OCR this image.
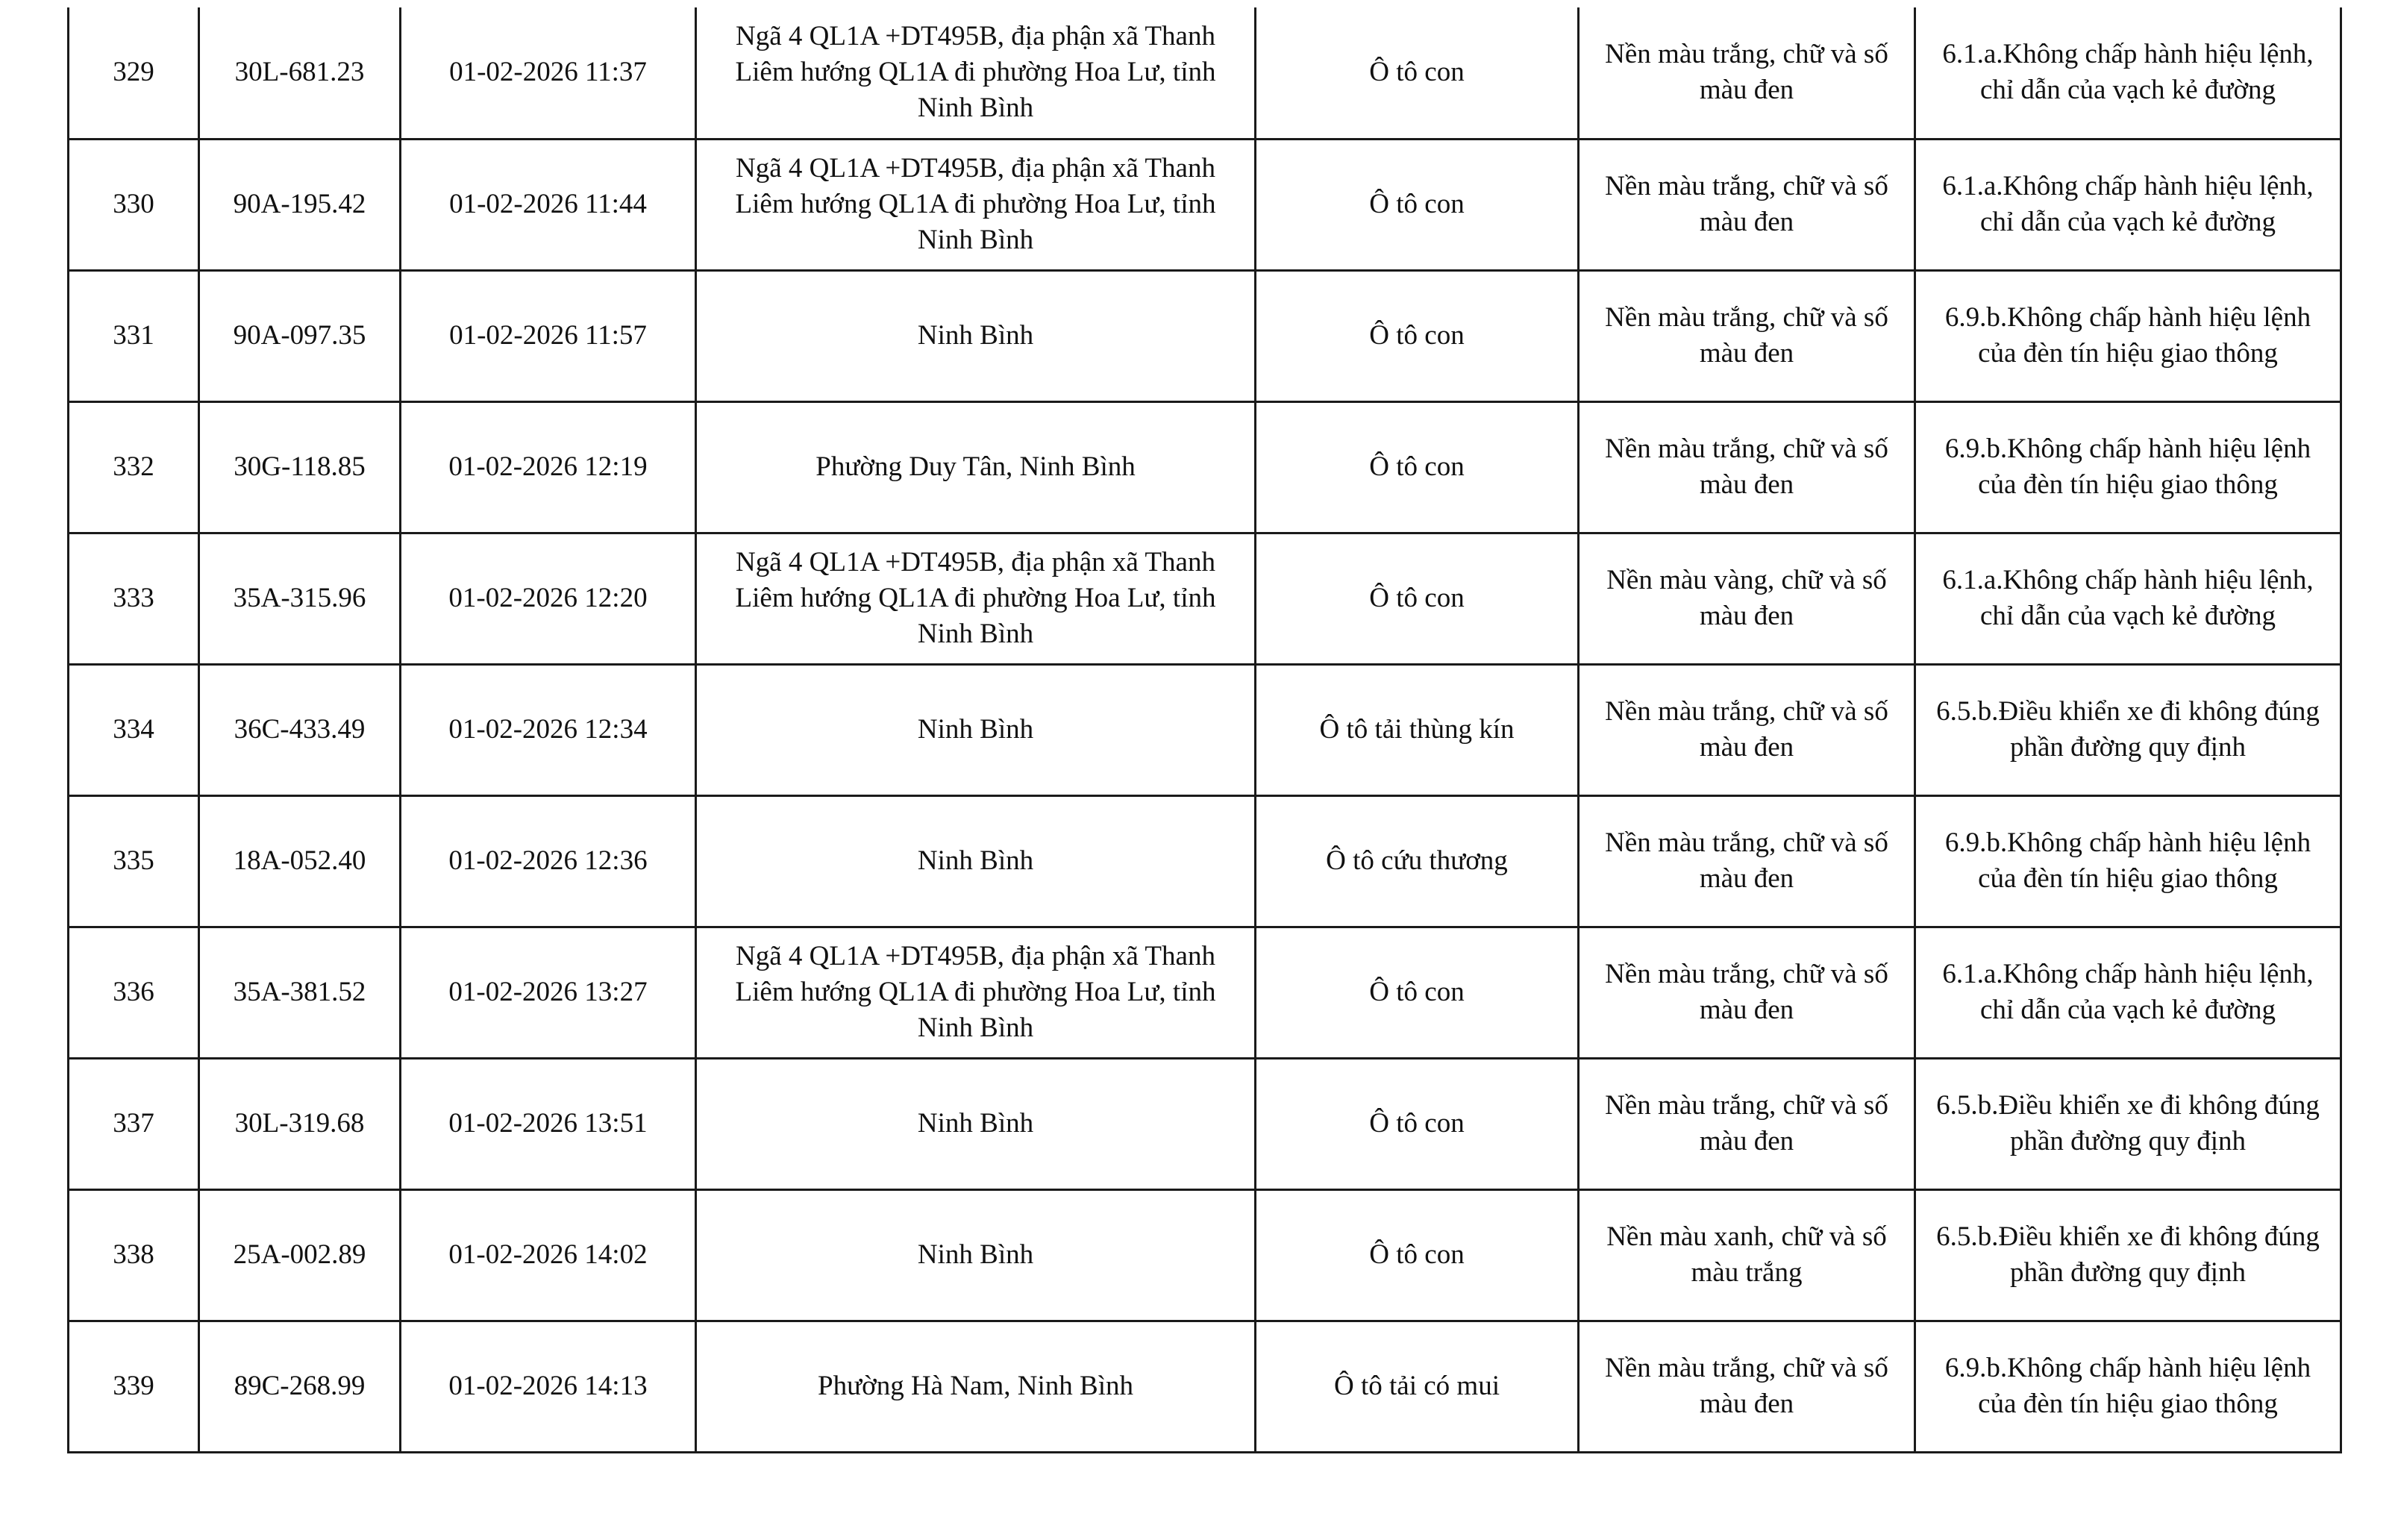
329	30L-681.23	01-02-2026 11:37	Ngã 4 QL1A +DT495B, địa phận xã Thanh Liêm hướng QL1A đi phường Hoa Lư, tỉnh Ninh Bình	Ô tô con	Nền màu trắng, chữ và số màu đen	6.1.a.Không chấp hành hiệu lệnh, chỉ dẫn của vạch kẻ đường
330	90A-195.42	01-02-2026 11:44	Ngã 4 QL1A +DT495B, địa phận xã Thanh Liêm hướng QL1A đi phường Hoa Lư, tỉnh Ninh Bình	Ô tô con	Nền màu trắng, chữ và số màu đen	6.1.a.Không chấp hành hiệu lệnh, chỉ dẫn của vạch kẻ đường
331	90A-097.35	01-02-2026 11:57	Ninh Bình	Ô tô con	Nền màu trắng, chữ và số màu đen	6.9.b.Không chấp hành hiệu lệnh của đèn tín hiệu giao thông
332	30G-118.85	01-02-2026 12:19	Phường Duy Tân, Ninh Bình	Ô tô con	Nền màu trắng, chữ và số màu đen	6.9.b.Không chấp hành hiệu lệnh của đèn tín hiệu giao thông
333	35A-315.96	01-02-2026 12:20	Ngã 4 QL1A +DT495B, địa phận xã Thanh Liêm hướng QL1A đi phường Hoa Lư, tỉnh Ninh Bình	Ô tô con	Nền màu vàng, chữ và số màu đen	6.1.a.Không chấp hành hiệu lệnh, chỉ dẫn của vạch kẻ đường
334	36C-433.49	01-02-2026 12:34	Ninh Bình	Ô tô tải thùng kín	Nền màu trắng, chữ và số màu đen	6.5.b.Điều khiển xe đi không đúng phần đường quy định
335	18A-052.40	01-02-2026 12:36	Ninh Bình	Ô tô cứu thương	Nền màu trắng, chữ và số màu đen	6.9.b.Không chấp hành hiệu lệnh của đèn tín hiệu giao thông
336	35A-381.52	01-02-2026 13:27	Ngã 4 QL1A +DT495B, địa phận xã Thanh Liêm hướng QL1A đi phường Hoa Lư, tỉnh Ninh Bình	Ô tô con	Nền màu trắng, chữ và số màu đen	6.1.a.Không chấp hành hiệu lệnh, chỉ dẫn của vạch kẻ đường
337	30L-319.68	01-02-2026 13:51	Ninh Bình	Ô tô con	Nền màu trắng, chữ và số màu đen	6.5.b.Điều khiển xe đi không đúng phần đường quy định
338	25A-002.89	01-02-2026 14:02	Ninh Bình	Ô tô con	Nền màu xanh, chữ và số màu trắng	6.5.b.Điều khiển xe đi không đúng phần đường quy định
339	89C-268.99	01-02-2026 14:13	Phường Hà Nam, Ninh Bình	Ô tô tải có mui	Nền màu trắng, chữ và số màu đen	6.9.b.Không chấp hành hiệu lệnh của đèn tín hiệu giao thông
